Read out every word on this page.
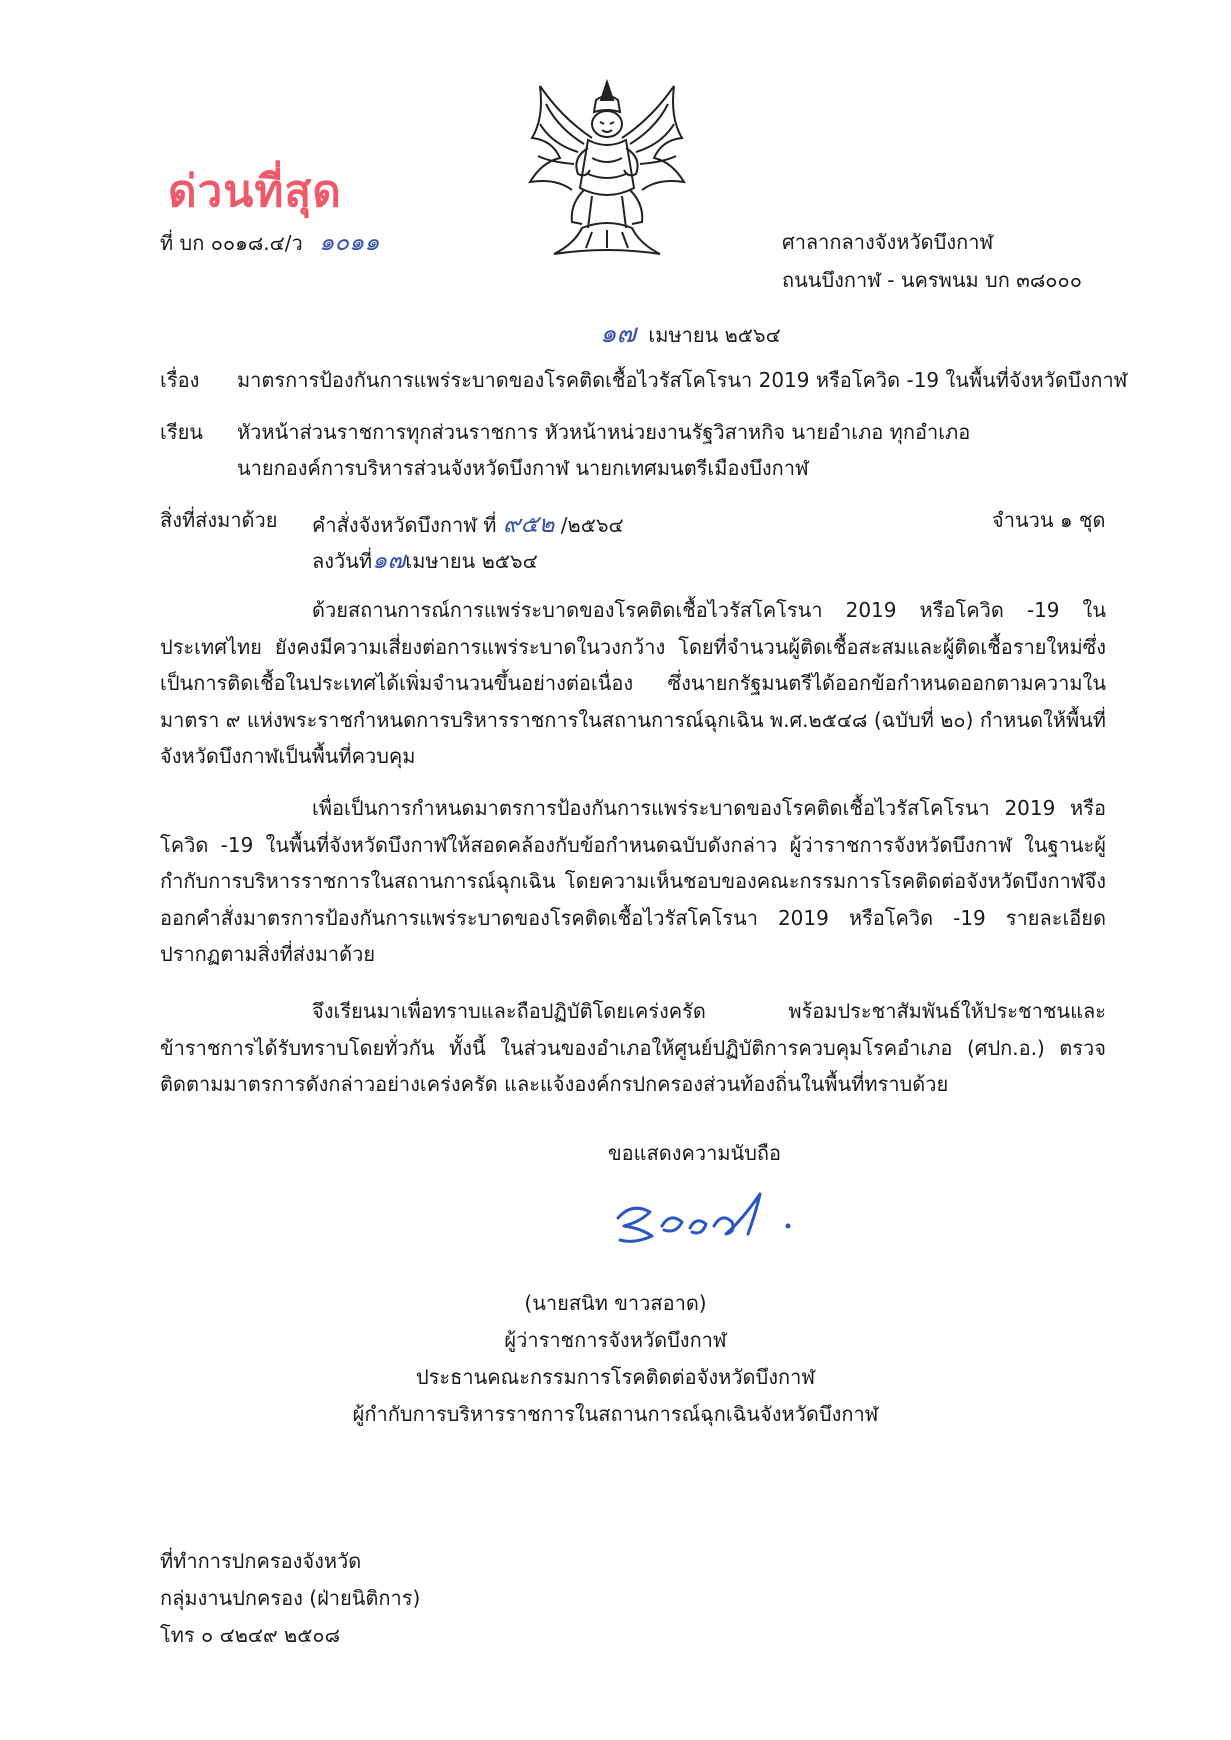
ด่วนที่สุด
ที่ บก ๐๐๑๘.๔/ว ๑๐๑๑	ศาลากลางจังหวัดบึงกาฬ
ถนนบึงกาฬ - นครพนม บก ๓๘๐๐๐
๑๗ เมษายน ๒๕๖๔
เรื่อง มาตรการป้องกันการแพร่ระบาดของโรคติดเชื้อไวรัสโคโรนา 2019 หรือโควิด -19 ในพื้นที่จังหวัดบึงกาฬ
เรียน หัวหน้าส่วนราชการทุกส่วนราชการ หัวหน้าหน่วยงานรัฐวิสาหกิจ นายอำเภอ ทุกอำเภอ
นายกองค์การบริหารส่วนจังหวัดบึงกาฬ นายกเทศมนตรีเมืองบึงกาฬ
สิ่งที่ส่งมาด้วย คำสั่งจังหวัดบึงกาฬ ที่ ๙๕๒ /๒๕๖๔	จำนวน ๑ ชุด
ลงวันที่๑๗เมษายน ๒๕๖๔
ด้วยสถานการณ์การแพร่ระบาดของโรคติดเชื้อไวรัสโคโรนา 2019 หรือโควิด -19 ในประเทศไทย ยังคงมีความเสี่ยงต่อการแพร่ระบาดในวงกว้าง โดยที่จำนวนผู้ติดเชื้อสะสมและผู้ติดเชื้อรายใหม่ซึ่งเป็นการติดเชื้อในประเทศได้เพิ่มจำนวนขึ้นอย่างต่อเนื่อง ซึ่งนายกรัฐมนตรีได้ออกข้อกำหนดออกตามความในมาตรา ๙ แห่งพระราชกำหนดการบริหารราชการในสถานการณ์ฉุกเฉิน พ.ศ.๒๕๔๘ (ฉบับที่ ๒๐) กำหนดให้พื้นที่จังหวัดบึงกาฬเป็นพื้นที่ควบคุม
เพื่อเป็นการกำหนดมาตรการป้องกันการแพร่ระบาดของโรคติดเชื้อไวรัสโคโรนา 2019 หรือโควิด -19 ในพื้นที่จังหวัดบึงกาฬให้สอดคล้องกับข้อกำหนดฉบับดังกล่าว ผู้ว่าราชการจังหวัดบึงกาฬ ในฐานะผู้กำกับการบริหารราชการในสถานการณ์ฉุกเฉิน โดยความเห็นชอบของคณะกรรมการโรคติดต่อจังหวัดบึงกาฬจึงออกคำสั่งมาตรการป้องกันการแพร่ระบาดของโรคติดเชื้อไวรัสโคโรนา 2019 หรือโควิด -19 รายละเอียดปรากฏตามสิ่งที่ส่งมาด้วย
จึงเรียนมาเพื่อทราบและถือปฏิบัติโดยเคร่งครัด พร้อมประชาสัมพันธ์ให้ประชาชนและข้าราชการได้รับทราบโดยทั่วกัน ทั้งนี้ ในส่วนของอำเภอให้ศูนย์ปฏิบัติการควบคุมโรคอำเภอ (ศปก.อ.) ตรวจติดตามมาตรการดังกล่าวอย่างเคร่งครัด และแจ้งองค์กรปกครองส่วนท้องถิ่นในพื้นที่ทราบด้วย
ขอแสดงความนับถือ
(นายสนิท ขาวสอาด)
ผู้ว่าราชการจังหวัดบึงกาฬ
ประธานคณะกรรมการโรคติดต่อจังหวัดบึงกาฬ
ผู้กำกับการบริหารราชการในสถานการณ์ฉุกเฉินจังหวัดบึงกาฬ
ที่ทำการปกครองจังหวัด
กลุ่มงานปกครอง (ฝ่ายนิติการ)
โทร ๐ ๔๒๔๙ ๒๕๐๘
